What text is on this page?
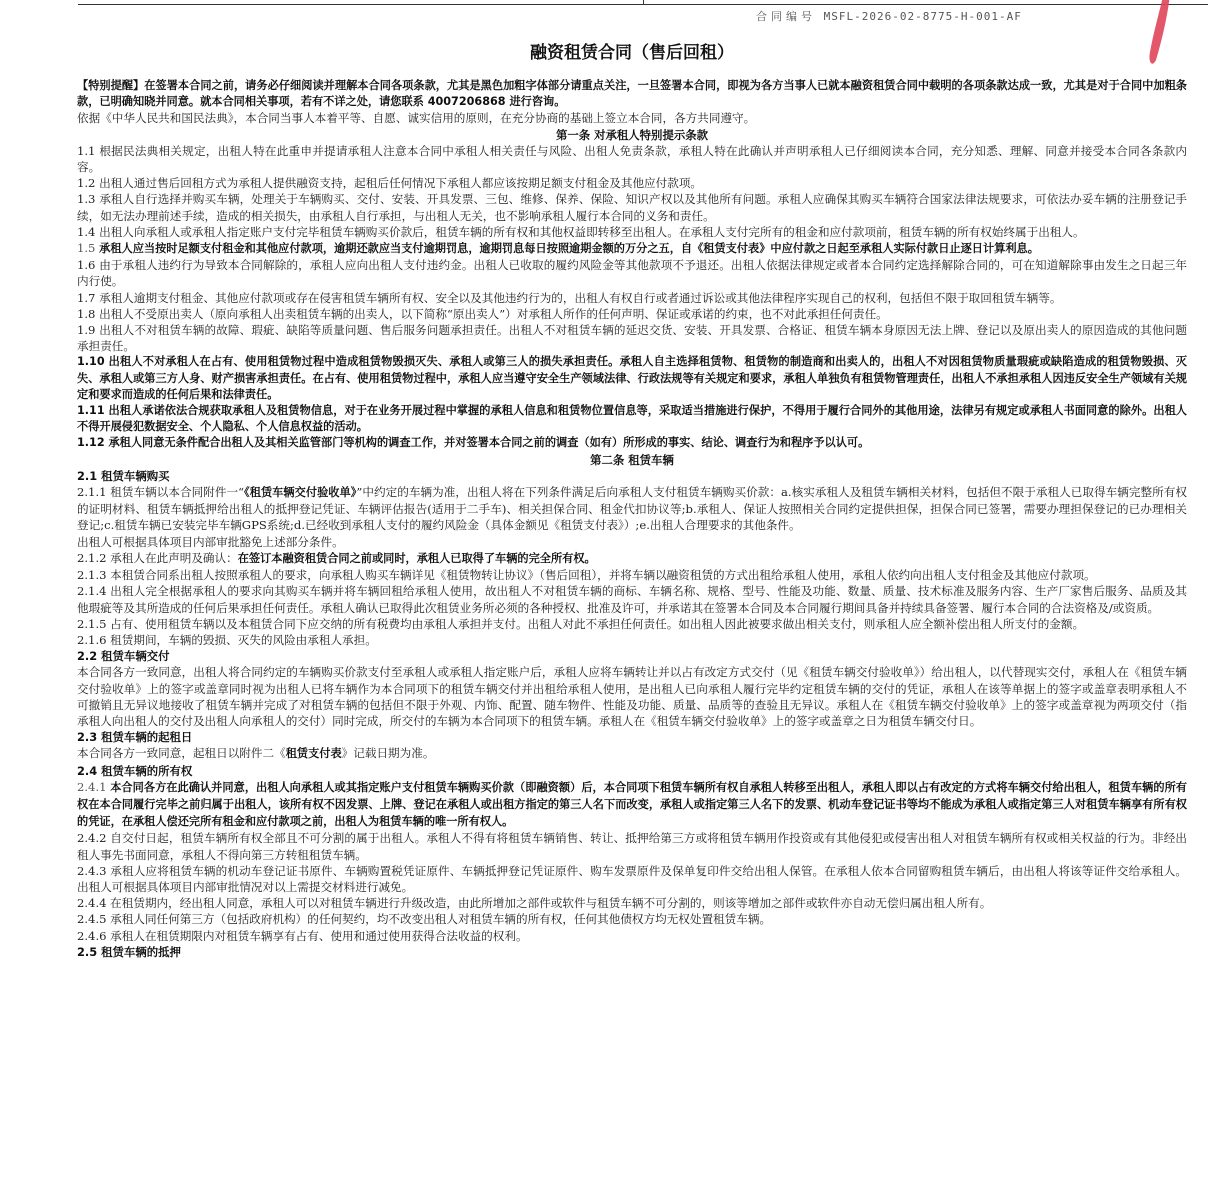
合同编号 MSFL-2026-02-8775-H-001-AF
融资租赁合同（售后回租）

【特别提醒】在签署本合同之前，请务必仔细阅读并理解本合同各项条款，尤其是黑色加粗字体部分请重点关注，一旦签署本合同，即视为各方当事人已就本融资租赁合同中载明的各项条款达成一致，尤其是对于合同中加粗条款，已明确知晓并同意。就本合同相关事项，若有不详之处，请您联系 4007206868 进行咨询。

依据《中华人民共和国民法典》，本合同当事人本着平等、自愿、诚实信用的原则，在充分协商的基础上签立本合同，各方共同遵守。

第一条 对承租人特别提示条款

1.1 根据民法典相关规定，出租人特在此重申并提请承租人注意本合同中承租人相关责任与风险、出租人免责条款，承租人特在此确认并声明承租人已仔细阅读本合同，充分知悉、理解、同意并接受本合同各条款内容。

1.2 出租人通过售后回租方式为承租人提供融资支持，起租后任何情况下承租人都应该按期足额支付租金及其他应付款项。

1.3 承租人自行选择并购买车辆，处理关于车辆购买、交付、安装、开具发票、三包、维修、保养、保险、知识产权以及其他所有问题。承租人应确保其购买车辆符合国家法律法规要求，可依法办妥车辆的注册登记手续，如无法办理前述手续，造成的相关损失，由承租人自行承担，与出租人无关，也不影响承租人履行本合同的义务和责任。

1.4 出租人向承租人或承租人指定账户支付完毕租赁车辆购买价款后，租赁车辆的所有权和其他权益即转移至出租人。在承租人支付完所有的租金和应付款项前，租赁车辆的所有权始终属于出租人。

1.5 承租人应当按时足额支付租金和其他应付款项，逾期还款应当支付逾期罚息，逾期罚息每日按照逾期金额的万分之五，自《租赁支付表》中应付款之日起至承租人实际付款日止逐日计算利息。

1.6 由于承租人违约行为导致本合同解除的，承租人应向出租人支付违约金。出租人已收取的履约风险金等其他款项不予退还。出租人依据法律规定或者本合同约定选择解除合同的，可在知道解除事由发生之日起三年内行使。

1.7 承租人逾期支付租金、其他应付款项或存在侵害租赁车辆所有权、安全以及其他违约行为的，出租人有权自行或者通过诉讼或其他法律程序实现自己的权利，包括但不限于取回租赁车辆等。

1.8 出租人不受原出卖人（原向承租人出卖租赁车辆的出卖人，以下简称“原出卖人”）对承租人所作的任何声明、保证或承诺的约束，也不对此承担任何责任。

1.9 出租人不对租赁车辆的故障、瑕疵、缺陷等质量问题、售后服务问题承担责任。出租人不对租赁车辆的延迟交货、安装、开具发票、合格证、租赁车辆本身原因无法上牌、登记以及原出卖人的原因造成的其他问题承担责任。

1.10 出租人不对承租人在占有、使用租赁物过程中造成租赁物毁损灭失、承租人或第三人的损失承担责任。承租人自主选择租赁物、租赁物的制造商和出卖人的，出租人不对因租赁物质量瑕疵或缺陷造成的租赁物毁损、灭失、承租人或第三方人身、财产损害承担责任。在占有、使用租赁物过程中，承租人应当遵守安全生产领域法律、行政法规等有关规定和要求，承租人单独负有租赁物管理责任，出租人不承担承租人因违反安全生产领域有关规定和要求而造成的任何后果和法律责任。

1.11 出租人承诺依法合规获取承租人及租赁物信息，对于在业务开展过程中掌握的承租人信息和租赁物位置信息等，采取适当措施进行保护，不得用于履行合同外的其他用途，法律另有规定或承租人书面同意的除外。出租人不得开展侵犯数据安全、个人隐私、个人信息权益的活动。

1.12 承租人同意无条件配合出租人及其相关监管部门等机构的调查工作，并对签署本合同之前的调查（如有）所形成的事实、结论、调查行为和程序予以认可。

第二条 租赁车辆
2.1 租赁车辆购买

2.1.1 租赁车辆以本合同附件一“《租赁车辆交付验收单》”中约定的车辆为准，出租人将在下列条件满足后向承租人支付租赁车辆购买价款：a.核实承租人及租赁车辆相关材料，包括但不限于承租人已取得车辆完整所有权的证明材料、租赁车辆抵押给出租人的抵押登记凭证、车辆评估报告(适用于二手车)、相关担保合同、租金代扣协议等;b.承租人、保证人按照相关合同约定提供担保，担保合同已签署，需要办理担保登记的已办理相关登记;c.租赁车辆已安装完毕车辆GPS系统;d.已经收到承租人支付的履约风险金（具体金额见《租赁支付表》）;e.出租人合理要求的其他条件。

出租人可根据具体项目内部审批豁免上述部分条件。

2.1.2 承租人在此声明及确认：在签订本融资租赁合同之前或同时，承租人已取得了车辆的完全所有权。

2.1.3 本租赁合同系出租人按照承租人的要求，向承租人购买车辆详见《租赁物转让协议》（售后回租），并将车辆以融资租赁的方式出租给承租人使用，承租人依约向出租人支付租金及其他应付款项。

2.1.4 出租人完全根据承租人的要求向其购买车辆并将车辆回租给承租人使用，故出租人不对租赁车辆的商标、车辆名称、规格、型号、性能及功能、数量、质量、技术标准及服务内容、生产厂家售后服务、品质及其他瑕疵等及其所造成的任何后果承担任何责任。承租人确认已取得此次租赁业务所必须的各种授权、批准及许可，并承诺其在签署本合同及本合同履行期间具备并持续具备签署、履行本合同的合法资格及/或资质。

2.1.5 占有、使用租赁车辆以及本租赁合同下应交纳的所有税费均由承租人承担并支付。出租人对此不承担任何责任。如出租人因此被要求做出相关支付，则承租人应全额补偿出租人所支付的金额。

2.1.6 租赁期间，车辆的毁损、灭失的风险由承租人承担。

2.2 租赁车辆交付

本合同各方一致同意，出租人将合同约定的车辆购买价款支付至承租人或承租人指定账户后，承租人应将车辆转让并以占有改定方式交付（见《租赁车辆交付验收单》）给出租人，以代替现实交付，承租人在《租赁车辆交付验收单》上的签字或盖章同时视为出租人已将车辆作为本合同项下的租赁车辆交付并出租给承租人使用，是出租人已向承租人履行完毕约定租赁车辆的交付的凭证，承租人在该等单据上的签字或盖章表明承租人不可撤销且无异议地接收了租赁车辆并完成了对租赁车辆的包括但不限于外观、内饰、配置、随车物件、性能及功能、质量、品质等的查验且无异议。承租人在《租赁车辆交付验收单》上的签字或盖章视为两项交付（指承租人向出租人的交付及出租人向承租人的交付）同时完成，所交付的车辆为本合同项下的租赁车辆。承租人在《租赁车辆交付验收单》上的签字或盖章之日为租赁车辆交付日。

2.3 租赁车辆的起租日

本合同各方一致同意，起租日以附件二《租赁支付表》记载日期为准。

2.4 租赁车辆的所有权

2.4.1 本合同各方在此确认并同意，出租人向承租人或其指定账户支付租赁车辆购买价款（即融资额）后，本合同项下租赁车辆所有权自承租人转移至出租人，承租人即以占有改定的方式将车辆交付给出租人，租赁车辆的所有权在本合同履行完毕之前归属于出租人，该所有权不因发票、上牌、登记在承租人或出租方指定的第三人名下而改变，承租人或指定第三人名下的发票、机动车登记证书等均不能成为承租人或指定第三人对租赁车辆享有所有权的凭证，在承租人偿还完所有租金和应付款项之前，出租人为租赁车辆的唯一所有权人。

2.4.2 自交付日起，租赁车辆所有权全部且不可分割的属于出租人。承租人不得有将租赁车辆销售、转让、抵押给第三方或将租赁车辆用作投资或有其他侵犯或侵害出租人对租赁车辆所有权或相关权益的行为。非经出租人事先书面同意，承租人不得向第三方转租租赁车辆。

2.4.3 承租人应将租赁车辆的机动车登记证书原件、车辆购置税凭证原件、车辆抵押登记凭证原件、购车发票原件及保单复印件交给出租人保管。在承租人依本合同留购租赁车辆后，由出租人将该等证件交给承租人。出租人可根据具体项目内部审批情况对以上需提交材料进行减免。

2.4.4 在租赁期内，经出租人同意，承租人可以对租赁车辆进行升级改造，由此所增加之部件或软件与租赁车辆不可分割的，则该等增加之部件或软件亦自动无偿归属出租人所有。

2.4.5 承租人同任何第三方（包括政府机构）的任何契约，均不改变出租人对租赁车辆的所有权，任何其他债权方均无权处置租赁车辆。

2.4.6 承租人在租赁期限内对租赁车辆享有占有、使用和通过使用获得合法收益的权利。

2.5 租赁车辆的抵押
